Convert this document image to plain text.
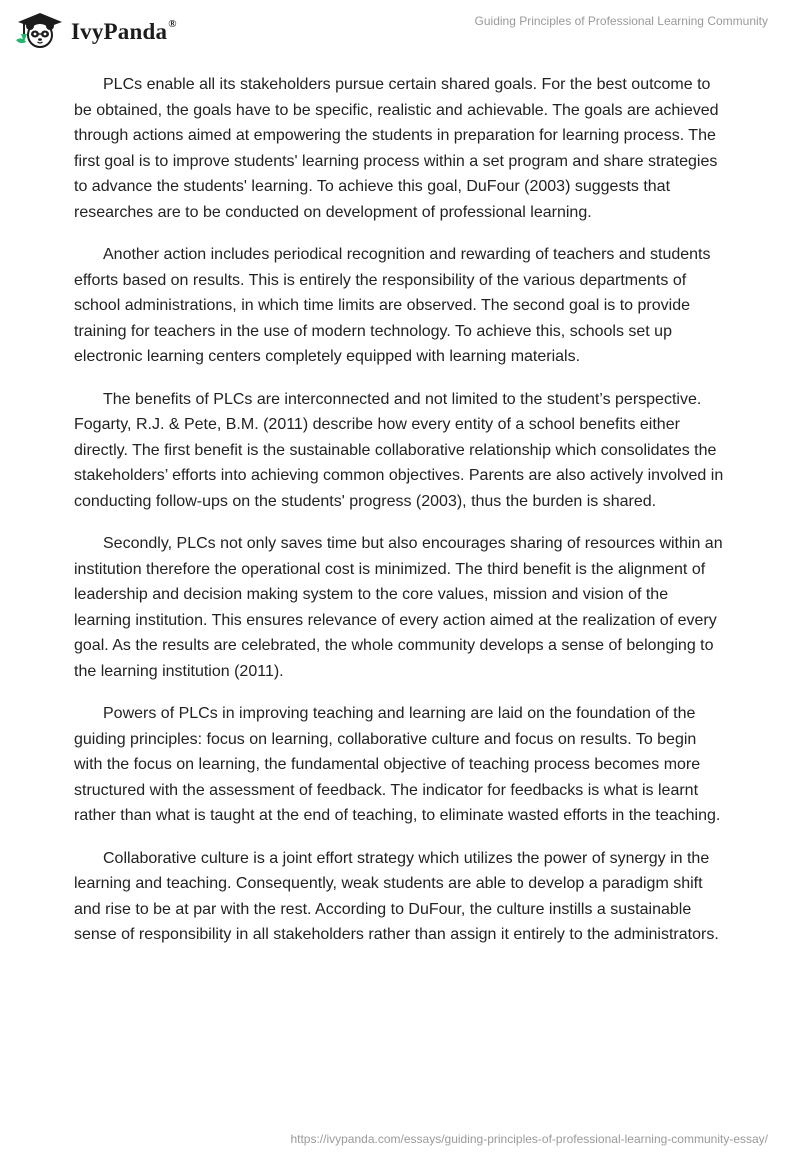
IvyPanda®	Guiding Principles of Professional Learning Community

PLCs enable all its stakeholders pursue certain shared goals. For the best outcome to be obtained, the goals have to be specific, realistic and achievable. The goals are achieved through actions aimed at empowering the students in preparation for learning process. The first goal is to improve students' learning process within a set program and share strategies to advance the students' learning. To achieve this goal, DuFour (2003) suggests that researches are to be conducted on development of professional learning.

Another action includes periodical recognition and rewarding of teachers and students efforts based on results. This is entirely the responsibility of the various departments of school administrations, in which time limits are observed. The second goal is to provide training for teachers in the use of modern technology. To achieve this, schools set up electronic learning centers completely equipped with learning materials.

The benefits of PLCs are interconnected and not limited to the student’s perspective. Fogarty, R.J. & Pete, B.M. (2011) describe how every entity of a school benefits either directly. The first benefit is the sustainable collaborative relationship which consolidates the stakeholders’ efforts into achieving common objectives. Parents are also actively involved in conducting follow-ups on the students' progress (2003), thus the burden is shared.

Secondly, PLCs not only saves time but also encourages sharing of resources within an institution therefore the operational cost is minimized. The third benefit is the alignment of leadership and decision making system to the core values, mission and vision of the learning institution. This ensures relevance of every action aimed at the realization of every goal. As the results are celebrated, the whole community develops a sense of belonging to the learning institution (2011).

Powers of PLCs in improving teaching and learning are laid on the foundation of the guiding principles: focus on learning, collaborative culture and focus on results. To begin with the focus on learning, the fundamental objective of teaching process becomes more structured with the assessment of feedback. The indicator for feedbacks is what is learnt rather than what is taught at the end of teaching, to eliminate wasted efforts in the teaching.

Collaborative culture is a joint effort strategy which utilizes the power of synergy in the learning and teaching. Consequently, weak students are able to develop a paradigm shift and rise to be at par with the rest. According to DuFour, the culture instills a sustainable sense of responsibility in all stakeholders rather than assign it entirely to the administrators.

https://ivypanda.com/essays/guiding-principles-of-professional-learning-community-essay/
